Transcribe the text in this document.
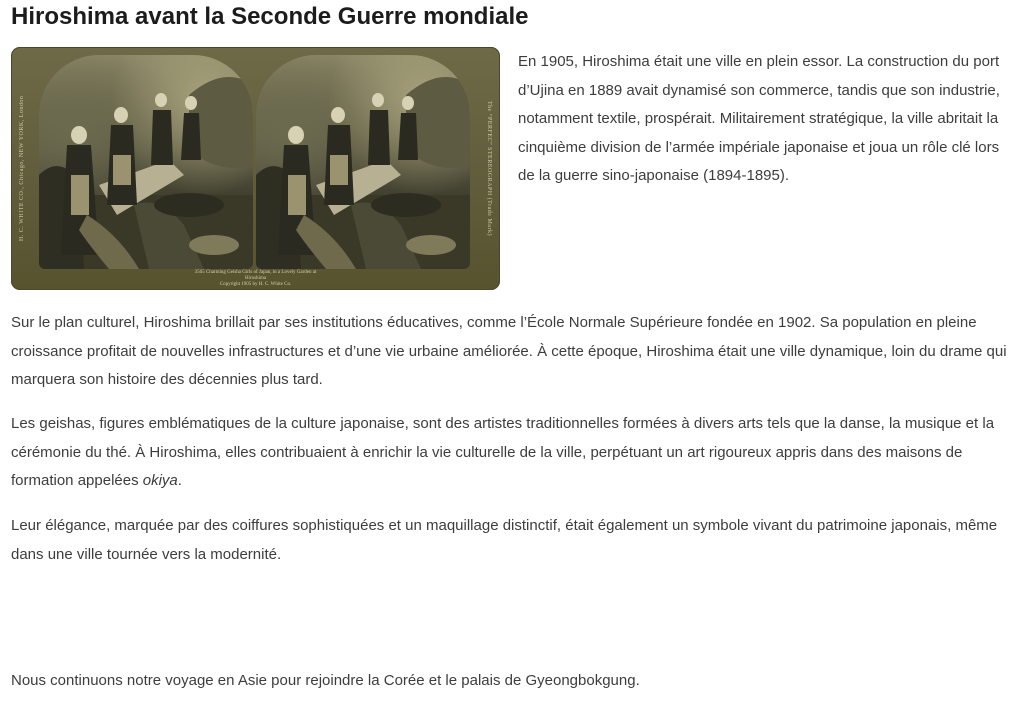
Hiroshima avant la Seconde Guerre mondiale
H. C. WHITE CO., Chicago, NEW YORK, London	The “PERFEC” STEREOGRAPH (Trade Mark)
3565 Charming Geisha Girls of Japan, in a Lovely Garden at
Hiroshima
Copyright 1905 by H. C. White Co.

En 1905, Hiroshima était une ville en plein essor. La construction du port d’Ujina en 1889 avait dynamisé son commerce, tandis que son industrie, notamment textile, prospérait. Militairement stratégique, la ville abritait la cinquième division de l’armée impériale japonaise et joua un rôle clé lors de la guerre sino-japonaise (1894-1895).

Sur le plan culturel, Hiroshima brillait par ses institutions éducatives, comme l’École Normale Supérieure fondée en 1902. Sa population en pleine croissance profitait de nouvelles infrastructures et d’une vie urbaine améliorée. À cette époque, Hiroshima était une ville dynamique, loin du drame qui marquera son histoire des décennies plus tard.

Les geishas, figures emblématiques de la culture japonaise, sont des artistes traditionnelles formées à divers arts tels que la danse, la musique et la cérémonie du thé. À Hiroshima, elles contribuaient à enrichir la vie culturelle de la ville, perpétuant un art rigoureux appris dans des maisons de formation appelées okiya.

Leur élégance, marquée par des coiffures sophistiquées et un maquillage distinctif, était également un symbole vivant du patrimoine japonais, même dans une ville tournée vers la modernité.

Nous continuons notre voyage en Asie pour rejoindre la Corée et le palais de Gyeongbokgung.
